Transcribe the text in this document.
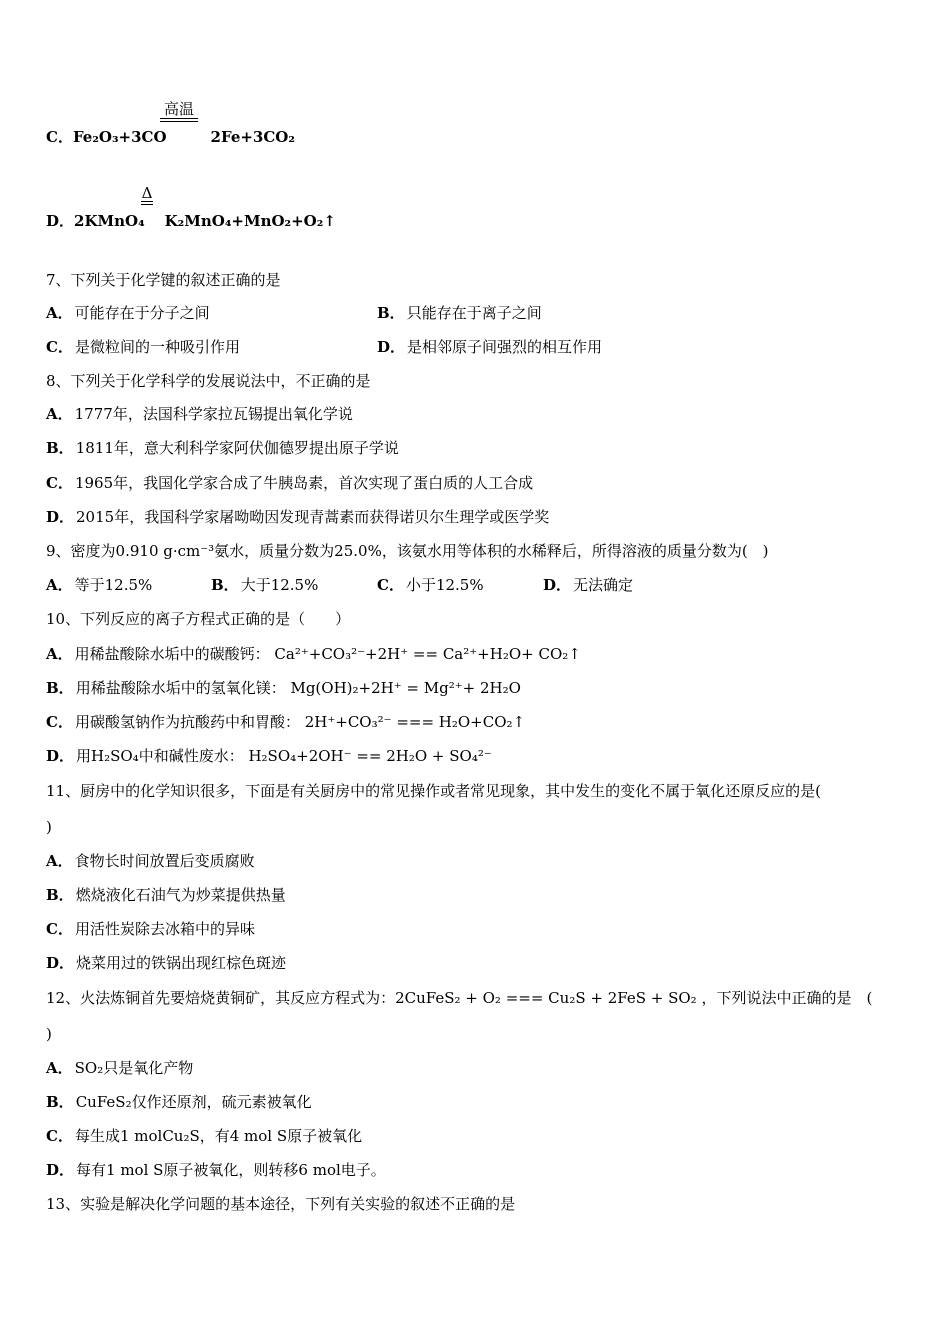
高温
C．Fe₂O₃+3CO	2Fe+3CO₂
Δ
D．2KMnO₄ K₂MnO₄+MnO₂+O₂↑
7、下列关于化学键的叙述正确的是
A． 可能存在于分子之间	B． 只能存在于离子之间
C． 是微粒间的一种吸引作用	D． 是相邻原子间强烈的相互作用
8、下列关于化学科学的发展说法中，不正确的是
A． 1777年，法国科学家拉瓦锡提出氧化学说
B． 1811年，意大利科学家阿伏伽德罗提出原子学说
C． 1965年，我国化学家合成了牛胰岛素，首次实现了蛋白质的人工合成
D． 2015年，我国科学家屠呦呦因发现青蒿素而获得诺贝尔生理学或医学奖
9、密度为0.910 g·cm⁻³氨水，质量分数为25.0%，该氨水用等体积的水稀释后，所得溶液的质量分数为(　)
A． 等于12.5%	B． 大于12.5%	C． 小于12.5%	D． 无法确定
10、下列反应的离子方程式正确的是（　　）
A． 用稀盐酸除水垢中的碳酸钙： Ca²⁺+CO₃²⁻+2H⁺ == Ca²⁺+H₂O+ CO₂↑
B． 用稀盐酸除水垢中的氢氧化镁： Mg(OH)₂+2H⁺ = Mg²⁺+ 2H₂O
C． 用碳酸氢钠作为抗酸药中和胃酸： 2H⁺+CO₃²⁻ === H₂O+CO₂↑
D． 用H₂SO₄中和碱性废水： H₂SO₄+2OH⁻ == 2H₂O + SO₄²⁻
11、厨房中的化学知识很多，下面是有关厨房中的常见操作或者常见现象，其中发生的变化不属于氧化还原反应的是(
)
A． 食物长时间放置后变质腐败
B． 燃烧液化石油气为炒菜提供热量
C． 用活性炭除去冰箱中的异味
D． 烧菜用过的铁锅出现红棕色斑迹
12、火法炼铜首先要焙烧黄铜矿，其反应方程式为：2CuFeS₂ + O₂ === Cu₂S + 2FeS + SO₂ ，下列说法中正确的是　(
)
A． SO₂只是氧化产物
B． CuFeS₂仅作还原剂，硫元素被氧化
C． 每生成1 molCu₂S，有4 mol S原子被氧化
D． 每有1 mol S原子被氧化，则转移6 mol电子。
13、实验是解决化学问题的基本途径，下列有关实验的叙述不正确的是
